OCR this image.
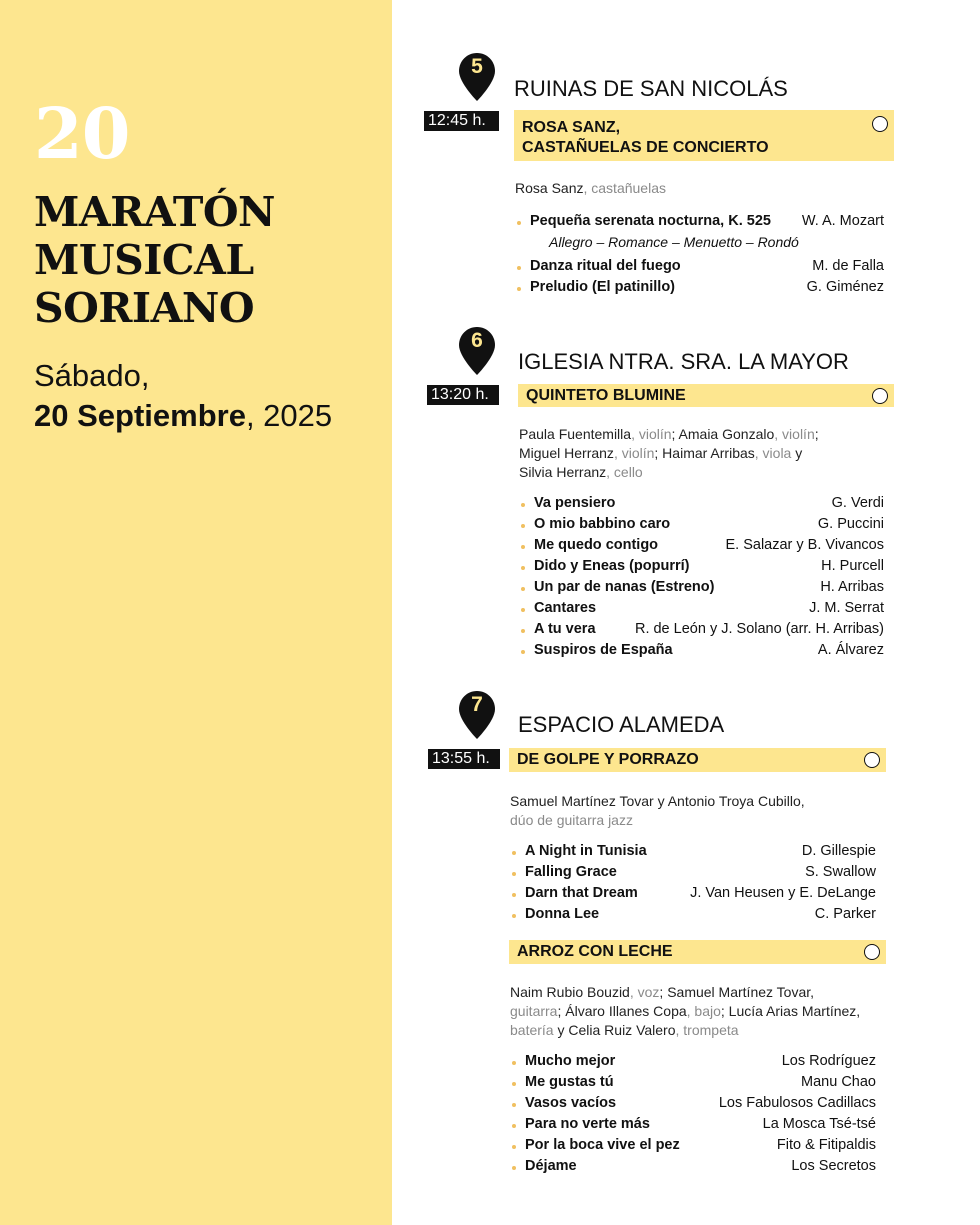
20
MARATÓN
MUSICAL
SORIANO
Sábado,
20 Septiembre, 2025
5
12:45 h.
RUINAS DE SAN NICOLÁS
ROSA SANZ,
CASTAÑUELAS DE CONCIERTO
Rosa Sanz, castañuelas
Pequeña serenata nocturna, K. 525 W. A. Mozart
Allegro – Romance – Menuetto – Rondó
Danza ritual del fuego	M. de Falla
Preludio (El patinillo)	G. Giménez
6
13:20 h.
IGLESIA NTRA. SRA. LA MAYOR
QUINTETO BLUMINE
Paula Fuentemilla, violín; Amaia Gonzalo, violín;
Miguel Herranz, violín; Haimar Arribas, viola y
Silvia Herranz, cello
Va pensiero	G. Verdi
O mio babbino caro	G. Puccini
Me quedo contigo	E. Salazar y B. Vivancos
Dido y Eneas (popurrí)	H. Purcell
Un par de nanas (Estreno)	H. Arribas
Cantares	J. M. Serrat
A tu vera	R. de León y J. Solano (arr. H. Arribas)
Suspiros de España	A. Álvarez
7
13:55 h.
ESPACIO ALAMEDA
DE GOLPE Y PORRAZO
Samuel Martínez Tovar y Antonio Troya Cubillo,
dúo de guitarra jazz
A Night in Tunisia	D. Gillespie
Falling Grace	S. Swallow
Darn that Dream	J. Van Heusen y E. DeLange
Donna Lee	C. Parker
ARROZ CON LECHE
Naim Rubio Bouzid, voz; Samuel Martínez Tovar,
guitarra; Álvaro Illanes Copa, bajo; Lucía Arias Martínez,
batería y Celia Ruiz Valero, trompeta
Mucho mejor	Los Rodríguez
Me gustas tú	Manu Chao
Vasos vacíos	Los Fabulosos Cadillacs
Para no verte más	La Mosca Tsé-tsé
Por la boca vive el pez	Fito & Fitipaldis
Déjame	Los Secretos
